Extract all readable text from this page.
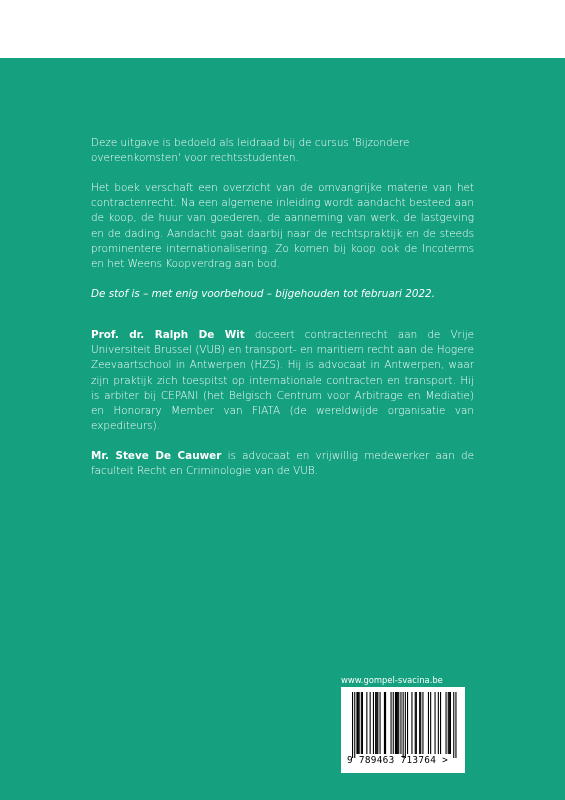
Deze uitgave is bedoeld als leidraad bij de cursus 'Bijzondere overeenkomsten' voor rechtsstudenten.

Het boek verschaft een overzicht van de omvangrijke materie van het contractenrecht. Na een algemene inleiding wordt aandacht besteed aan de koop, de huur van goederen, de aanneming van werk, de lastgeving en de dading. Aandacht gaat daarbij naar de rechtspraktijk en de steeds prominentere internationalisering. Zo komen bij koop ook de Incoterms en het Weens Koopverdrag aan bod.

De stof is – met enig voorbehoud – bijgehouden tot februari 2022.

Prof. dr. Ralph De Wit doceert contractenrecht aan de Vrije Universiteit Brussel (VUB) en transport- en maritiem recht aan de Hogere Zeevaartschool in Antwerpen (HZS). Hij is advocaat in Antwerpen, waar zijn praktijk zich toespitst op internationale contracten en transport. Hij is arbiter bij CEPANI (het Belgisch Centrum voor Arbitrage en Mediatie) en Honorary Member van FIATA (de wereldwijde organisatie van expediteurs).

Mr. Steve De Cauwer is advocaat en vrijwillig medewerker aan de faculteit Recht en Criminologie van de VUB.

www.gompel-svacina.be
9 789463 713764 >
